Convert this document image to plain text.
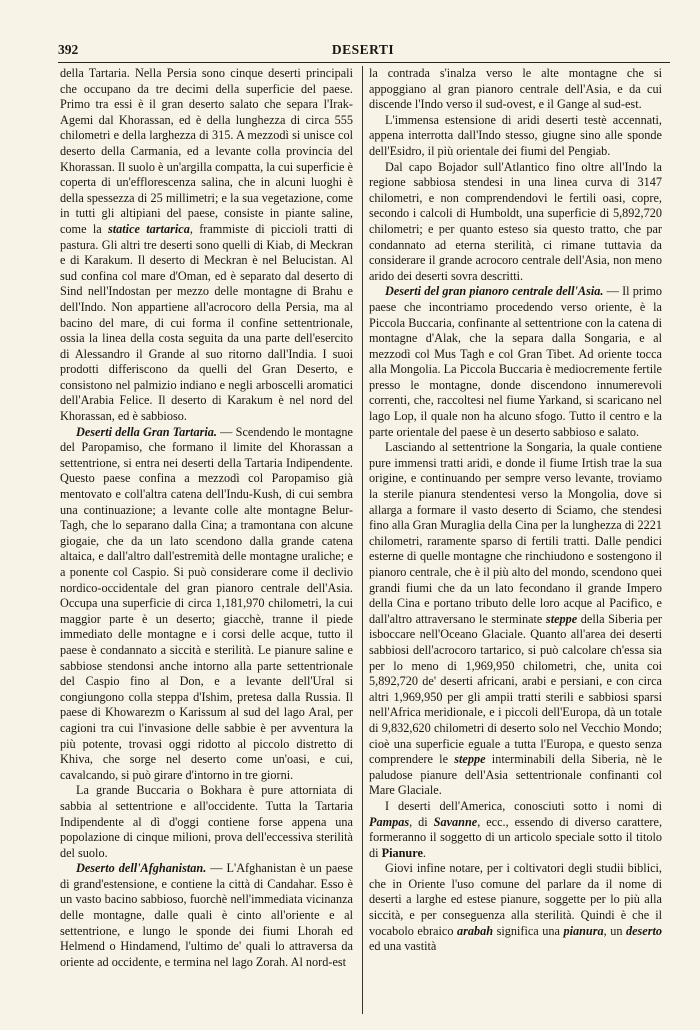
392	DESERTI

della Tartaria. Nella Persia sono cinque deserti principali che occupano da tre decimi della superficie del paese. Primo tra essi è il gran deserto salato che separa l'Irak-Agemi dal Khorassan, ed è della lunghezza di circa 555 chilometri e della larghezza di 315. A mezzodì si unisce col deserto della Carmania, ed a levante colla provincia del Khorassan. Il suolo è un'argilla compatta, la cui superficie è coperta di un'efflorescenza salina, che in alcuni luoghi è della spessezza di 25 millimetri; e la sua vegetazione, come in tutti gli altipiani del paese, consiste in piante saline, come la statice tartarica, frammiste di piccioli tratti di pastura. Gli altri tre deserti sono quelli di Kiab, di Meckran e di Karakum. Il deserto di Meckran è nel Belucistan. Al sud confina col mare d'Oman, ed è separato dal deserto di Sind nell'Indostan per mezzo delle montagne di Brahu e dell'Indo. Non appartiene all'acrocoro della Persia, ma al bacino del mare, di cui forma il confine settentrionale, ossia la linea della costa seguita da una parte dell'esercito di Alessandro il Grande al suo ritorno dall'India. I suoi prodotti differiscono da quelli del Gran Deserto, e consistono nel palmizio indiano e negli arboscelli aromatici dell'Arabia Felice. Il deserto di Karakum è nel nord del Khorassan, ed è sabbioso.

Deserti della Gran Tartaria. — Scendendo le montagne del Paropamiso, che formano il limite del Khorassan a settentrione, si entra nei deserti della Tartaria Indipendente. Questo paese confina a mezzodì col Paropamiso già mentovato e coll'altra catena dell'Indu-Kush, di cui sembra una continuazione; a levante colle alte montagne Belur-Tagh, che lo separano dalla Cina; a tramontana con alcune giogaie, che da un lato scendono dalla grande catena altaica, e dall'altro dall'estremità delle montagne uraliche; e a ponente col Caspio. Si può considerare come il declivio nordico-occidentale del gran pianoro centrale dell'Asia. Occupa una superficie di circa 1,181,970 chilometri, la cui maggior parte è un deserto; giacchè, tranne il piede immediato delle montagne e i corsi delle acque, tutto il paese è condannato a siccità e sterilità. Le pianure saline e sabbiose stendonsi anche intorno alla parte settentrionale del Caspio fino al Don, e a levante dell'Ural si congiungono colla steppa d'Ishim, pretesa dalla Russia. Il paese di Khowarezm o Karissum al sud del lago Aral, per cagioni tra cui l'invasione delle sabbie è per avventura la più potente, trovasi oggi ridotto al piccolo distretto di Khiva, che sorge nel deserto come un'oasi, e cui, cavalcando, si può girare d'intorno in tre giorni.

La grande Buccaria o Bokhara è pure attorniata di sabbia al settentrione e all'occidente. Tutta la Tartaria Indipendente al dì d'oggi contiene forse appena una popolazione di cinque milioni, prova dell'eccessiva sterilità del suolo.

Deserto dell'Afghanistan. — L'Afghanistan è un paese di grand'estensione, e contiene la città di Candahar. Esso è un vasto bacino sabbioso, fuorchè nell'immediata vicinanza delle montagne, dalle quali è cinto all'oriente e al settentrione, e lungo le sponde dei fiumi Lhorah ed Helmend o Hindamend, l'ultimo de' quali lo attraversa da oriente ad occidente, e termina nel lago Zorah. Al nord-est

la contrada s'inalza verso le alte montagne che si appoggiano al gran pianoro centrale dell'Asia, e da cui discende l'Indo verso il sud-ovest, e il Gange al sud-est.

L'immensa estensione di aridi deserti testè accennati, appena interrotta dall'Indo stesso, giugne sino alle sponde dell'Esidro, il più orientale dei fiumi del Pengiab.

Dal capo Bojador sull'Atlantico fino oltre all'Indo la regione sabbiosa stendesi in una linea curva di 3147 chilometri, e non comprendendovi le fertili oasi, copre, secondo i calcoli di Humboldt, una superficie di 5,892,720 chilometri; e per quanto esteso sia questo tratto, che par condannato ad eterna sterilità, ci rimane tuttavia da considerare il grande acrocoro centrale dell'Asia, non meno arido dei deserti sovra descritti.

Deserti del gran pianoro centrale dell'Asia. — Il primo paese che incontriamo procedendo verso oriente, è la Piccola Buccaria, confinante al settentrione con la catena di montagne d'Alak, che la separa dalla Songaria, e al mezzodì col Mus Tagh e col Gran Tibet. Ad oriente tocca alla Mongolia. La Piccola Buccaria è mediocremente fertile presso le montagne, donde discendono innumerevoli correnti, che, raccoltesi nel fiume Yarkand, si scaricano nel lago Lop, il quale non ha alcuno sfogo. Tutto il centro e la parte orientale del paese è un deserto sabbioso e salato.

Lasciando al settentrione la Songaria, la quale contiene pure immensi tratti aridi, e donde il fiume Irtish trae la sua origine, e continuando per sempre verso levante, troviamo la sterile pianura stendentesi verso la Mongolia, dove si allarga a formare il vasto deserto di Sciamo, che stendesi fino alla Gran Muraglia della Cina per la lunghezza di 2221 chilometri, raramente sparso di fertili tratti. Dalle pendici esterne di quelle montagne che rinchiudono e sostengono il pianoro centrale, che è il più alto del mondo, scendono quei grandi fiumi che da un lato fecondano il grande Impero della Cina e portano tributo delle loro acque al Pacifico, e dall'altro attraversano le sterminate steppe della Siberia per isboccare nell'Oceano Glaciale. Quanto all'area dei deserti sabbiosi dell'acrocoro tartarico, si può calcolare ch'essa sia per lo meno di 1,969,950 chilometri, che, unita coi 5,892,720 de' deserti africani, arabi e persiani, e con circa altri 1,969,950 per gli ampii tratti sterili e sabbiosi sparsi nell'Africa meridionale, e i piccoli dell'Europa, dà un totale di 9,832,620 chilometri di deserto solo nel Vecchio Mondo; cioè una superficie eguale a tutta l'Europa, e questo senza comprendere le steppe interminabili della Siberia, nè le paludose pianure dell'Asia settentrionale confinanti col Mare Glaciale.

I deserti dell'America, conosciuti sotto i nomi di Pampas, di Savanne, ecc., essendo di diverso carattere, formeranno il soggetto di un articolo speciale sotto il titolo di Pianure.

Giovi infine notare, per i coltivatori degli studii biblici, che in Oriente l'uso comune del parlare da il nome di deserti a larghe ed estese pianure, soggette per lo più alla siccità, e per conseguenza alla sterilità. Quindi è che il vocabolo ebraico arabah significa una pianura, un deserto ed una vastità
